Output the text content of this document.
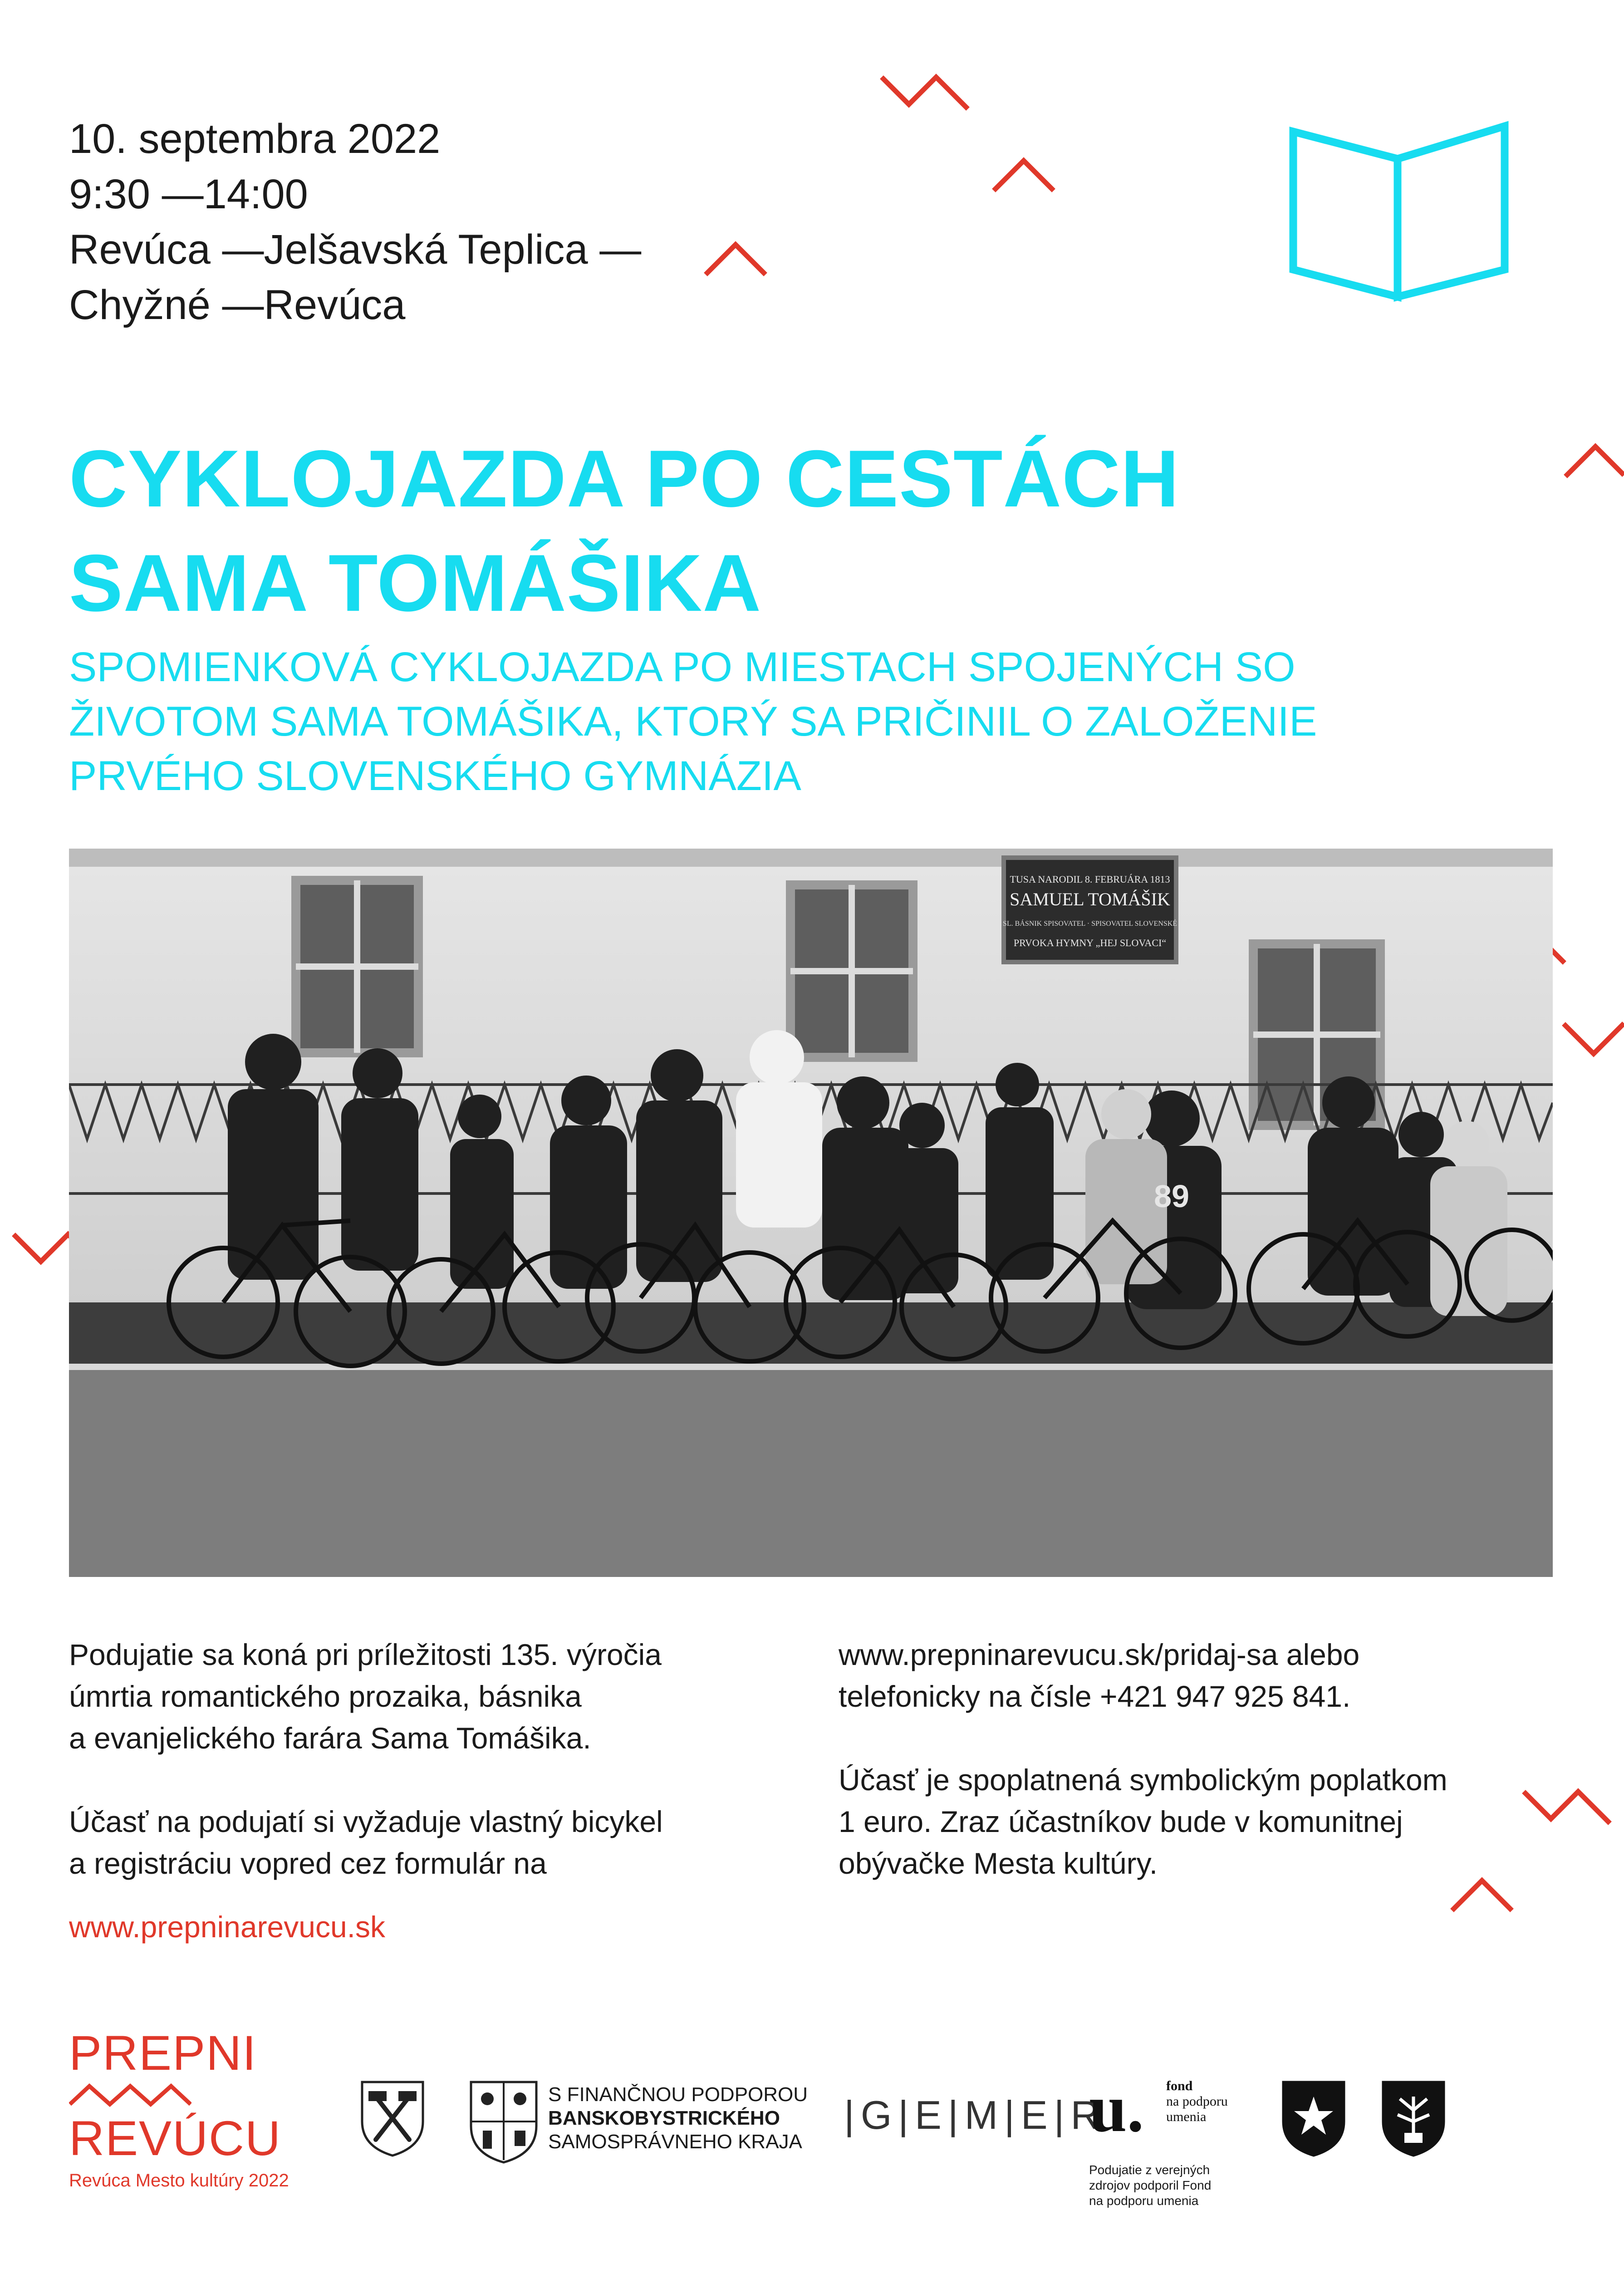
10. septembra 2022
9:30 —14:00
Revúca —Jelšavská Teplica —
Chyžné —Revúca
CYKLOJAZDA PO CESTÁCH
SAMA TOMÁŠIKA
SPOMIENKOVÁ CYKLOJAZDA PO MIESTACH SPOJENÝCH SO
ŽIVOTOM SAMA TOMÁŠIKA, KTORÝ SA PRIČINIL O ZALOŽENIE
PRVÉHO SLOVENSKÉHO GYMNÁZIA
TUSA NARODIL 8. FEBRUÁRA 1813
SAMUEL TOMÁŠIK
SL. BÁSNIK SPISOVATEL · SPISOVATEL SLOVENSKÉ
PRVOKA HYMNY „HEJ SLOVACI“
89
Podujatie sa koná pri príležitosti 135. výročia
úmrtia romantického prozaika, básnika
a evanjelického farára Sama Tomášika.
Účasť na podujatí si vyžaduje vlastný bicykel
a registráciu vopred cez formulár na
www.prepninarevucu.sk
www.prepninarevucu.sk/pridaj-sa alebo
telefonicky na čísle +421 947 925 841.
Účasť je spoplatnená symbolickým poplatkom
1 euro. Zraz účastníkov bude v komunitnej
obývačke Mesta kultúry.
PREPNI
REVÚCU
Revúca Mesto kultúry 2022
S FINANČNOU PODPOROU
BANSKOBYSTRICKÉHO
SAMOSPRÁVNEHO KRAJA
|G|E|M|E|R
u. fond
na podporu
umenia
Podujatie z verejných
zdrojov podporil Fond
na podporu umenia
